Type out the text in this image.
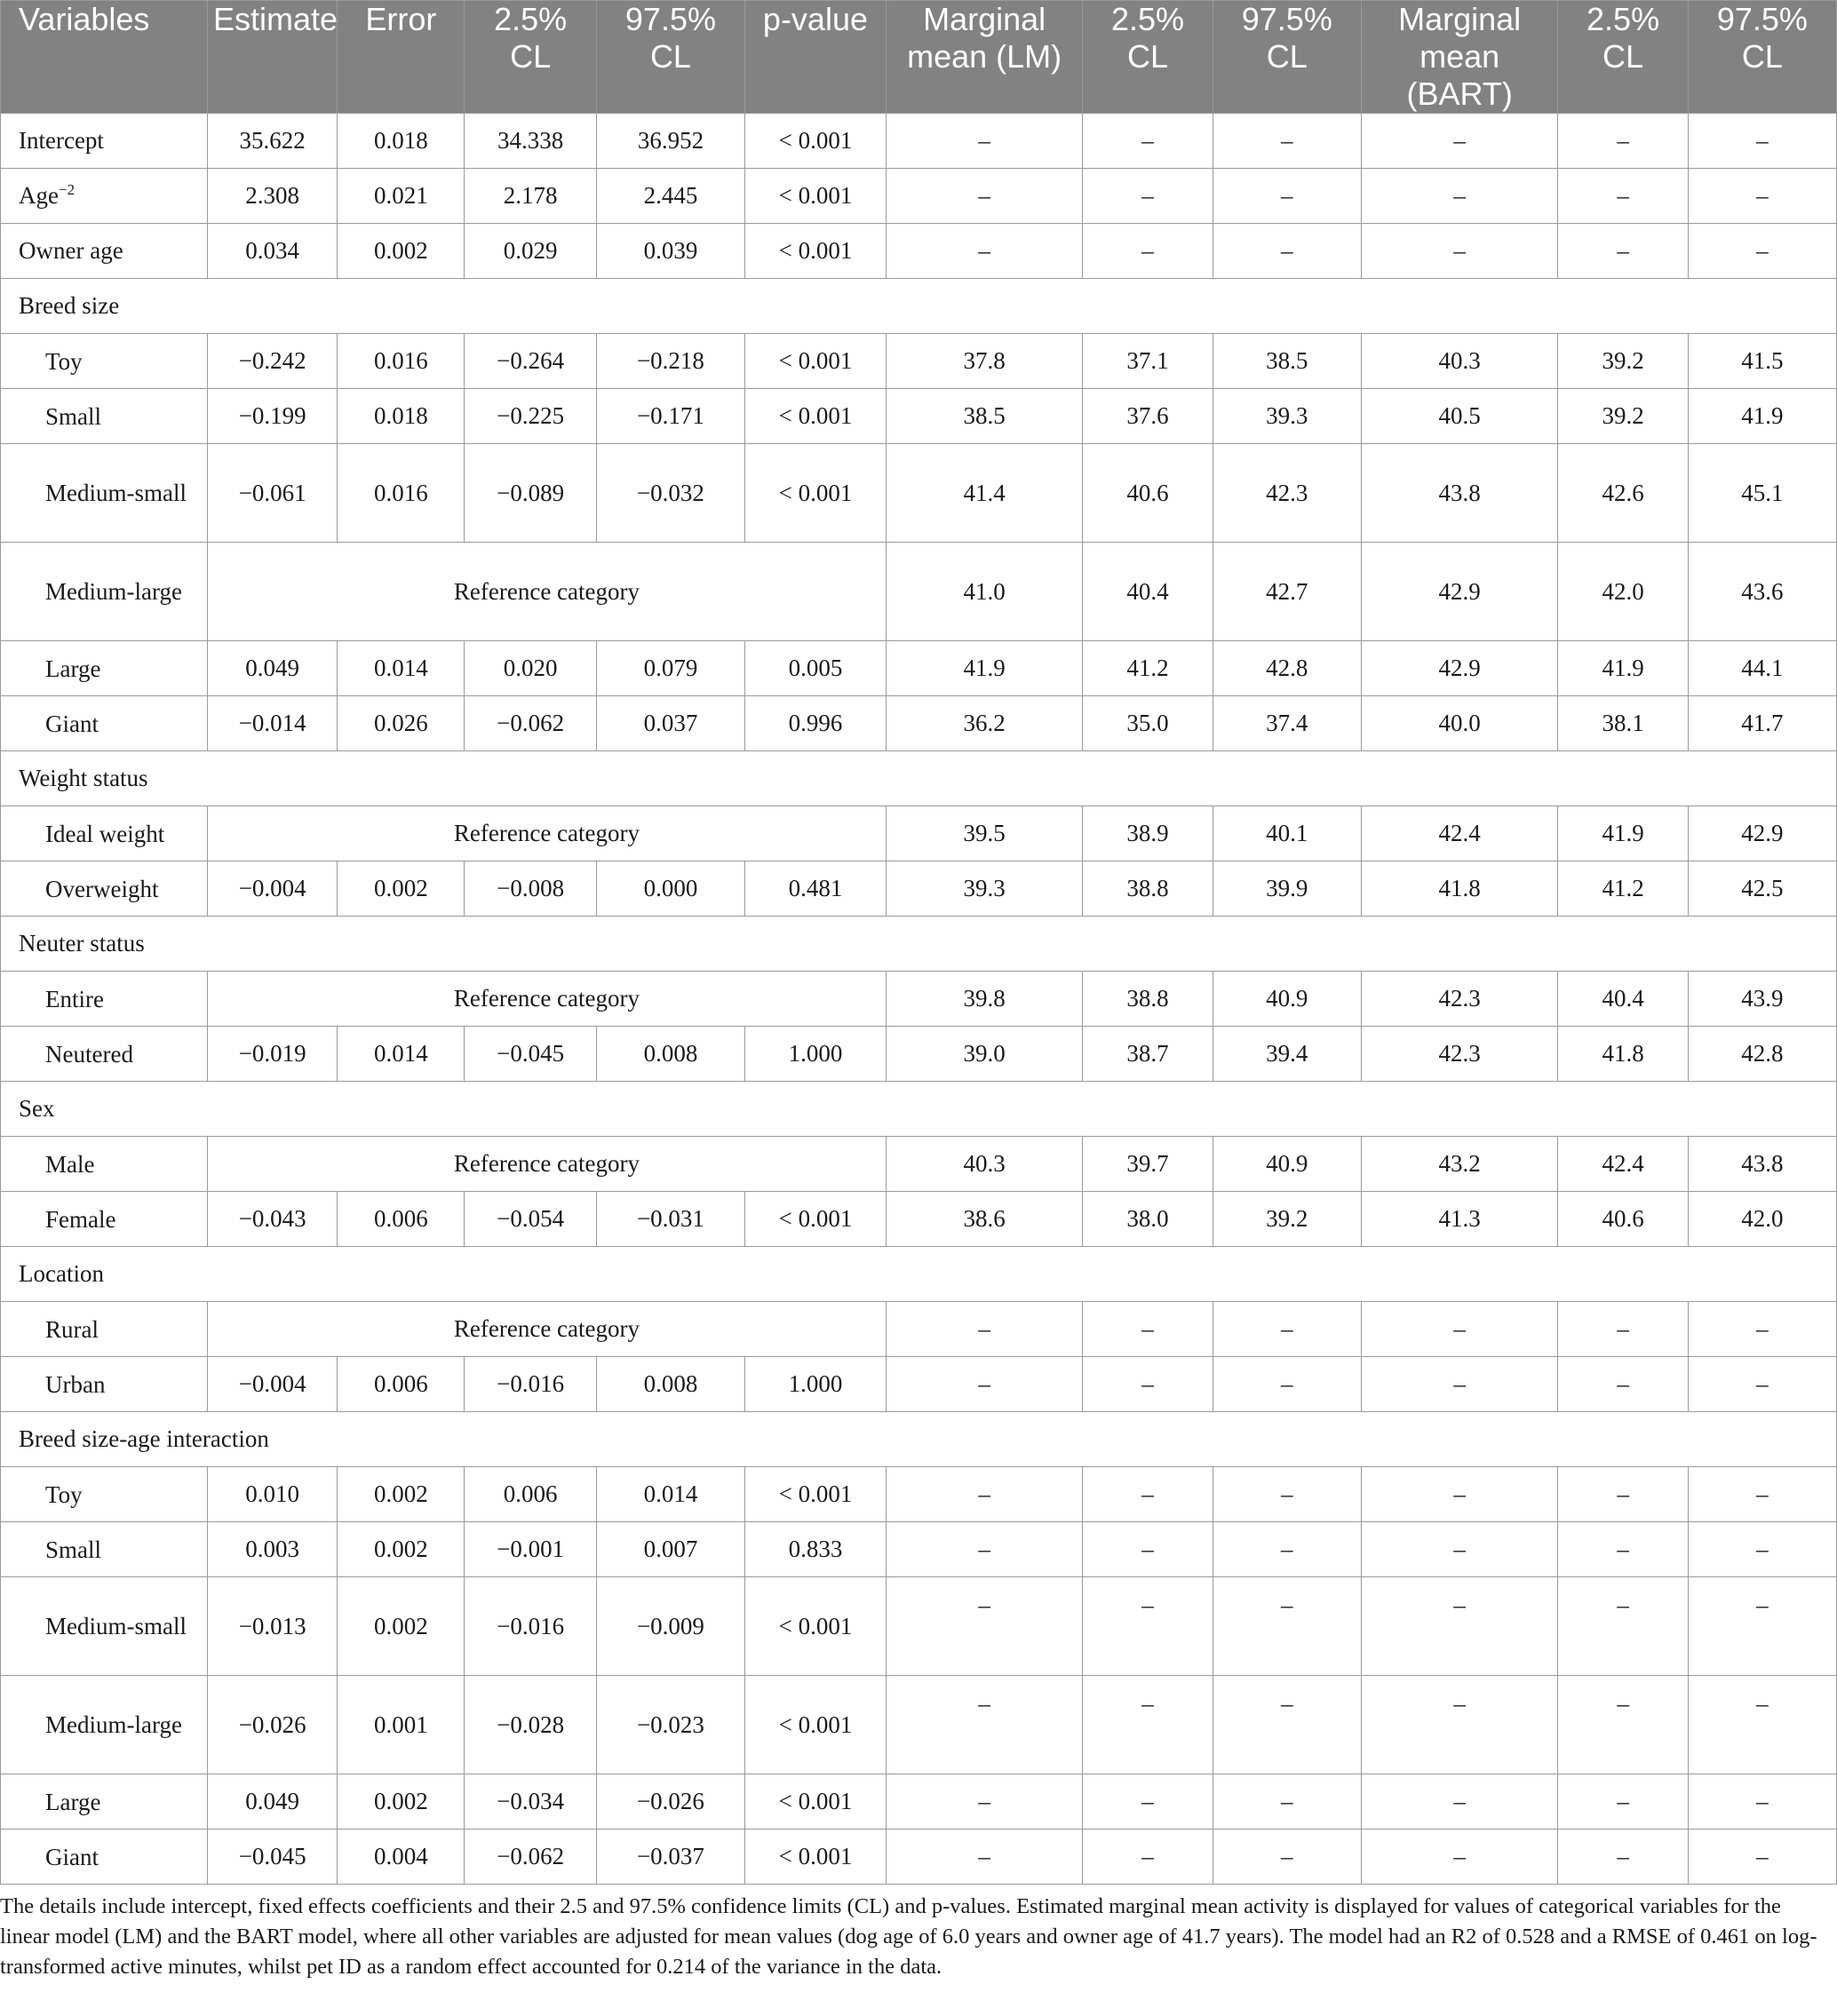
Variables	Estimate	Error	2.5% CL	97.5% CL	p-value	Marginal mean (LM)	2.5% CL	97.5% CL	Marginal mean (BART)	2.5% CL	97.5% CL
Intercept	35.622	0.018	34.338	36.952	< 0.001	–	–	–	–	–	–
Age$^{-2}$	2.308	0.021	2.178	2.445	< 0.001	–	–	–	–	–	–
Owner age	0.034	0.002	0.029	0.039	< 0.001	–	–	–	–	–	–
Breed size											
Toy	−0.242	0.016	−0.264	−0.218	< 0.001	37.8	37.1	38.5	40.3	39.2	41.5
Small	−0.199	0.018	−0.225	−0.171	< 0.001	38.5	37.6	39.3	40.5	39.2	41.9
Medium-small	−0.061	0.016	−0.089	−0.032	< 0.001	41.4	40.6	42.3	43.8	42.6	45.1
Medium-large	Reference category					41.0	40.4	42.7	42.9	42.0	43.6
Large	0.049	0.014	0.020	0.079	0.005	41.9	41.2	42.8	42.9	41.9	44.1
Giant	−0.014	0.026	−0.062	0.037	0.996	36.2	35.0	37.4	40.0	38.1	41.7
Weight status											
Ideal weight	Reference category					39.5	38.9	40.1	42.4	41.9	42.9
Overweight	−0.004	0.002	−0.008	0.000	0.481	39.3	38.8	39.9	41.8	41.2	42.5
Neuter status											
Entire	Reference category					39.8	38.8	40.9	42.3	40.4	43.9
Neutered	−0.019	0.014	−0.045	0.008	1.000	39.0	38.7	39.4	42.3	41.8	42.8
Sex											
Male	Reference category					40.3	39.7	40.9	43.2	42.4	43.8
Female	−0.043	0.006	−0.054	−0.031	< 0.001	38.6	38.0	39.2	41.3	40.6	42.0
Location											
Rural	Reference category					–	–	–	–	–	–
Urban	−0.004	0.006	−0.016	0.008	1.000	–	–	–	–	–	–
Breed size-age interaction											
Toy	0.010	0.002	0.006	0.014	< 0.001	–	–	–	–	–	–
Small	0.003	0.002	−0.001	0.007	0.833	–	–	–	–	–	–
Medium-small	−0.013	0.002	−0.016	−0.009	< 0.001	–	–	–	–	–	–
Medium-large	−0.026	0.001	−0.028	−0.023	< 0.001	–	–	–	–	–	–
Large	0.049	0.002	−0.034	−0.026	< 0.001	–	–	–	–	–	–
Giant	−0.045	0.004	−0.062	−0.037	< 0.001	–	–	–	–	–	–

The details include intercept, fixed effects coefficients and their 2.5 and 97.5% confidence limits (CL) and p-values. Estimated marginal mean activity is displayed for values of categorical variables for the linear model (LM) and the BART model, where all other variables are adjusted for mean values (dog age of 6.0 years and owner age of 41.7 years). The model had an R2 of 0.528 and a RMSE of 0.461 on log-transformed active minutes, whilst pet ID as a random effect accounted for 0.214 of the variance in the data.
